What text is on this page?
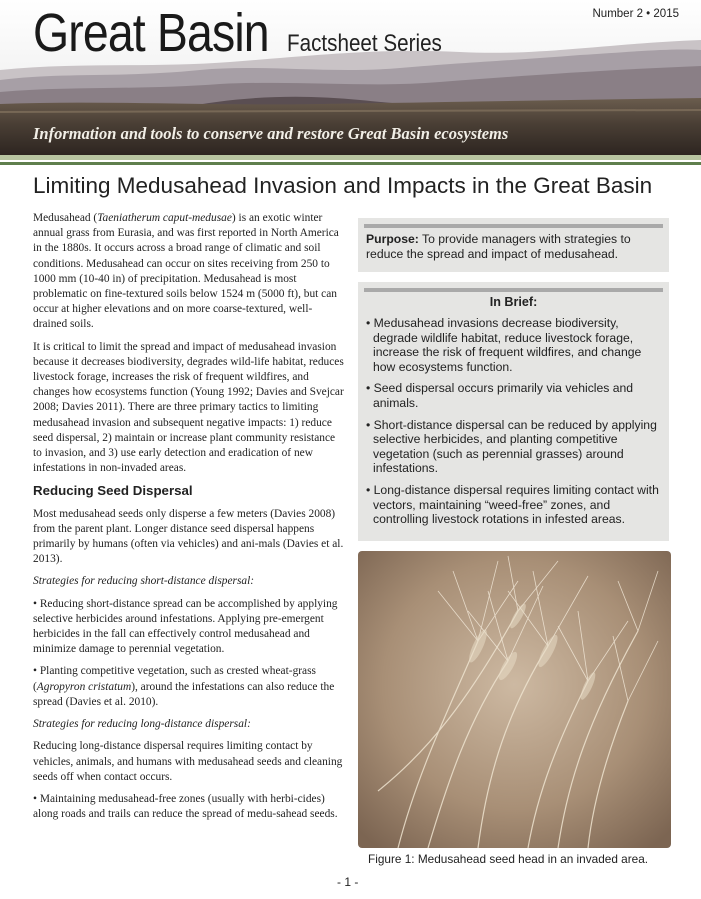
Great Basin Factsheet Series
Number 2 • 2015
Information and tools to conserve and restore Great Basin ecosystems
Limiting Medusahead Invasion and Impacts in the Great Basin

Medusahead (Taeniatherum caput-medusae) is an exotic winter annual grass from Eurasia, and was first reported in North America in the 1880s. It occurs across a broad range of climatic and soil conditions. Medusahead can occur on sites receiving from 250 to 1000 mm (10-40 in) of precipitation. Medusahead is most problematic on fine-textured soils below 1524 m (5000 ft), but can occur at higher elevations and on more coarse-textured, well-drained soils.

It is critical to limit the spread and impact of medusahead invasion because it decreases biodiversity, degrades wild-life habitat, reduces livestock forage, increases the risk of frequent wildfires, and changes how ecosystems function (Young 1992; Davies and Svejcar 2008; Davies 2011). There are three primary tactics to limiting medusahead invasion and subsequent negative impacts: 1) reduce seed dispersal, 2) maintain or increase plant community resistance to invasion, and 3) use early detection and eradication of new infestations in non-invaded areas.

Reducing Seed Dispersal

Most medusahead seeds only disperse a few meters (Davies 2008) from the parent plant. Longer distance seed dispersal happens primarily by humans (often via vehicles) and ani-mals (Davies et al. 2013).

Strategies for reducing short-distance dispersal:

• Reducing short-distance spread can be accomplished by applying selective herbicides around infestations. Applying pre-emergent herbicides in the fall can effectively control medusahead and minimize damage to perennial vegetation.

• Planting competitive vegetation, such as crested wheat-grass (Agropyron cristatum), around the infestations can also reduce the spread (Davies et al. 2010).

Strategies for reducing long-distance dispersal:

Reducing long-distance dispersal requires limiting contact by vehicles, animals, and humans with medusahead seeds and cleaning seeds off when contact occurs.

• Maintaining medusahead-free zones (usually with herbi-cides) along roads and trails can reduce the spread of medu-sahead seeds.

Purpose: To provide managers with strategies to reduce the spread and impact of medusahead.
In Brief:
• Medusahead invasions decrease biodiversity, degrade wildlife habitat, reduce livestock forage, increase the risk of frequent wildfires, and change how ecosystems function.
• Seed dispersal occurs primarily via vehicles and animals.
• Short-distance dispersal can be reduced by applying selective herbicides, and planting competitive vegetation (such as perennial grasses) around infestations.
• Long-distance dispersal requires limiting contact with vectors, maintaining “weed-free” zones, and controlling livestock rotations in infested areas.
Figure 1: Medusahead seed head in an invaded area.
- 1 -
